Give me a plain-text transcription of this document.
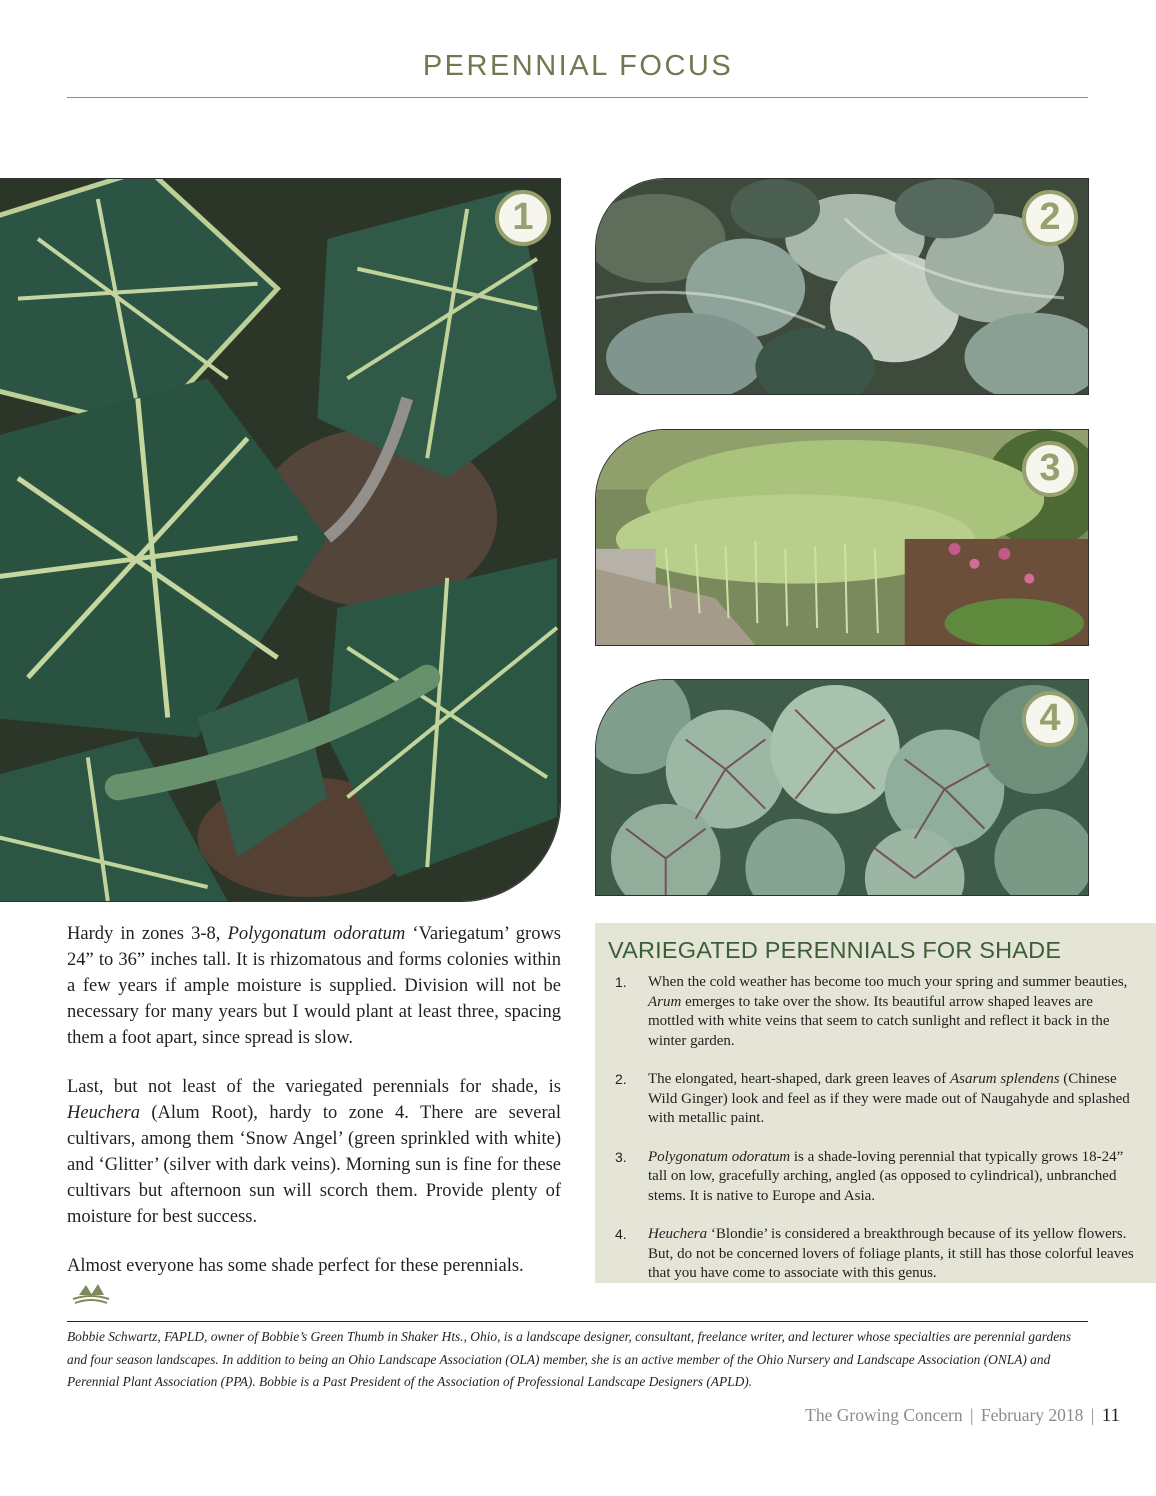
PERENNIAL FOCUS
1	2
3
4

Hardy in zones 3-8, Polygonatum odoratum ‘Variegatum’ grows 24” to 36” inches tall. It is rhizomatous and forms colonies within a few years if ample moisture is supplied. Division will not be necessary for many years but I would plant at least three, spacing them a foot apart, since spread is slow.

Last, but not least of the variegated perennials for shade, is Heuchera (Alum Root), hardy to zone 4. There are several cultivars, among them ‘Snow Angel’ (green sprinkled with white) and ‘Glitter’ (silver with dark veins). Morning sun is fine for these cultivars but afternoon sun will scorch them. Provide plenty of moisture for best success.

Almost everyone has some shade perfect for these perennials.

VARIEGATED PERENNIALS FOR SHADE
1.	When the cold weather has become too much your spring and summer beauties, Arum emerges to take over the show. Its beautiful arrow shaped leaves are mottled with white veins that seem to catch sunlight and reflect it back in the winter garden.
2.	The elongated, heart-shaped, dark green leaves of Asarum splendens (Chinese Wild Ginger) look and feel as if they were made out of Naugahyde and splashed with metallic paint.
3.	Polygonatum odoratum is a shade-loving perennial that typically grows 18-24” tall on low, gracefully arching, angled (as opposed to cylindrical), unbranched stems. It is native to Europe and Asia.
4.	Heuchera ‘Blondie’ is considered a breakthrough because of its yellow flowers. But, do not be concerned lovers of foliage plants, it still has those colorful leaves that you have come to associate with this genus.
Bobbie Schwartz, FAPLD, owner of Bobbie’s Green Thumb in Shaker Hts., Ohio, is a landscape designer, consultant, freelance writer, and lecturer whose specialties are perennial gardens and four season landscapes. In addition to being an Ohio Landscape Association (OLA) member, she is an active member of the Ohio Nursery and Landscape Association (ONLA) and Perennial Plant Association (PPA). Bobbie is a Past President of the Association of Professional Landscape Designers (APLD).
The Growing Concern | February 2018 | 11
